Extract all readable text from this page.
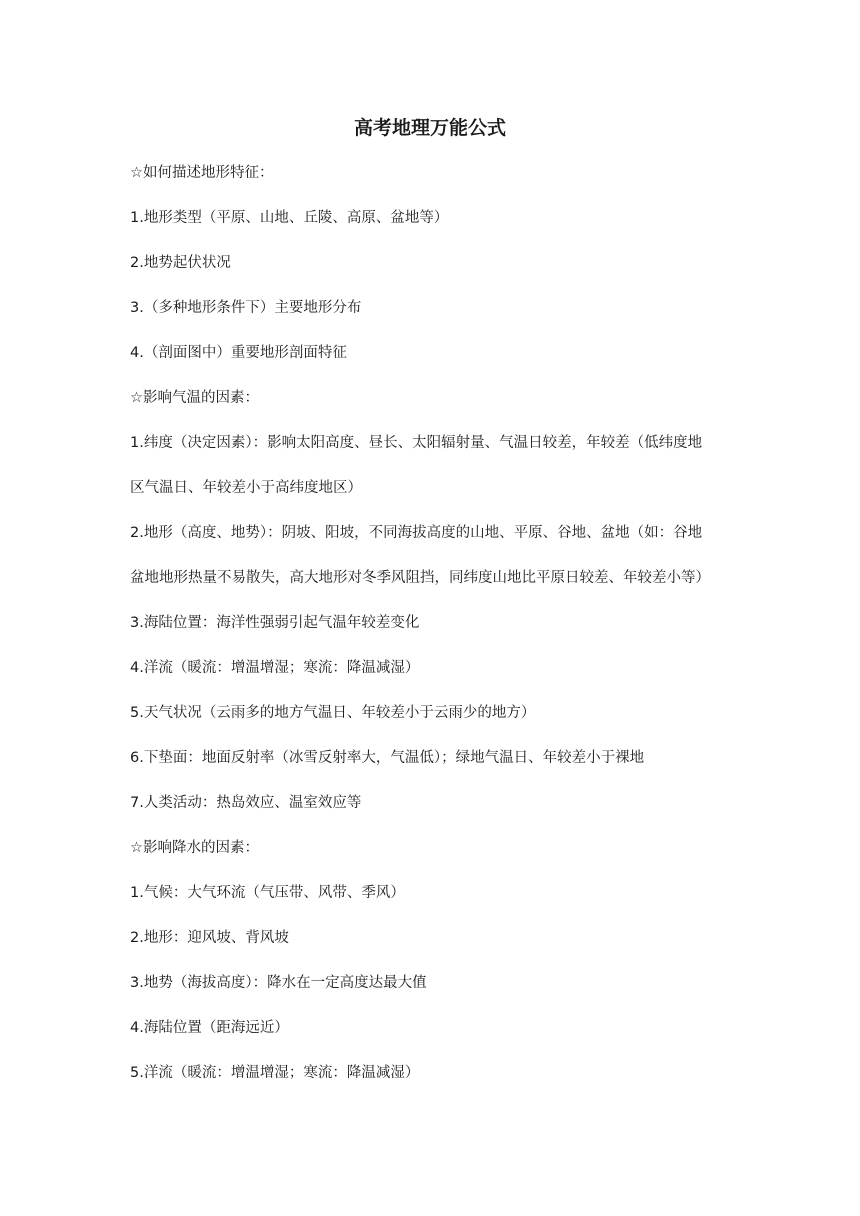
高考地理万能公式

☆如何描述地形特征：

1.地形类型（平原、山地、丘陵、高原、盆地等）

2.地势起伏状况

3.（多种地形条件下）主要地形分布

4.（剖面图中）重要地形剖面特征

☆影响气温的因素：

1.纬度（决定因素）：影响太阳高度、昼长、太阳辐射量、气温日较差，年较差（低纬度地

区气温日、年较差小于高纬度地区）

2.地形（高度、地势）：阴坡、阳坡，不同海拔高度的山地、平原、谷地、盆地（如：谷地

盆地地形热量不易散失，高大地形对冬季风阻挡，同纬度山地比平原日较差、年较差小等）

3.海陆位置：海洋性强弱引起气温年较差变化

4.洋流（暖流：增温增湿；寒流：降温减湿）

5.天气状况（云雨多的地方气温日、年较差小于云雨少的地方）

6.下垫面：地面反射率（冰雪反射率大，气温低）；绿地气温日、年较差小于裸地

7.人类活动：热岛效应、温室效应等

☆影响降水的因素：

1.气候：大气环流（气压带、风带、季风）

2.地形：迎风坡、背风坡

3.地势（海拔高度）：降水在一定高度达最大值

4.海陆位置（距海远近）

5.洋流（暖流：增温增湿；寒流：降温减湿）
